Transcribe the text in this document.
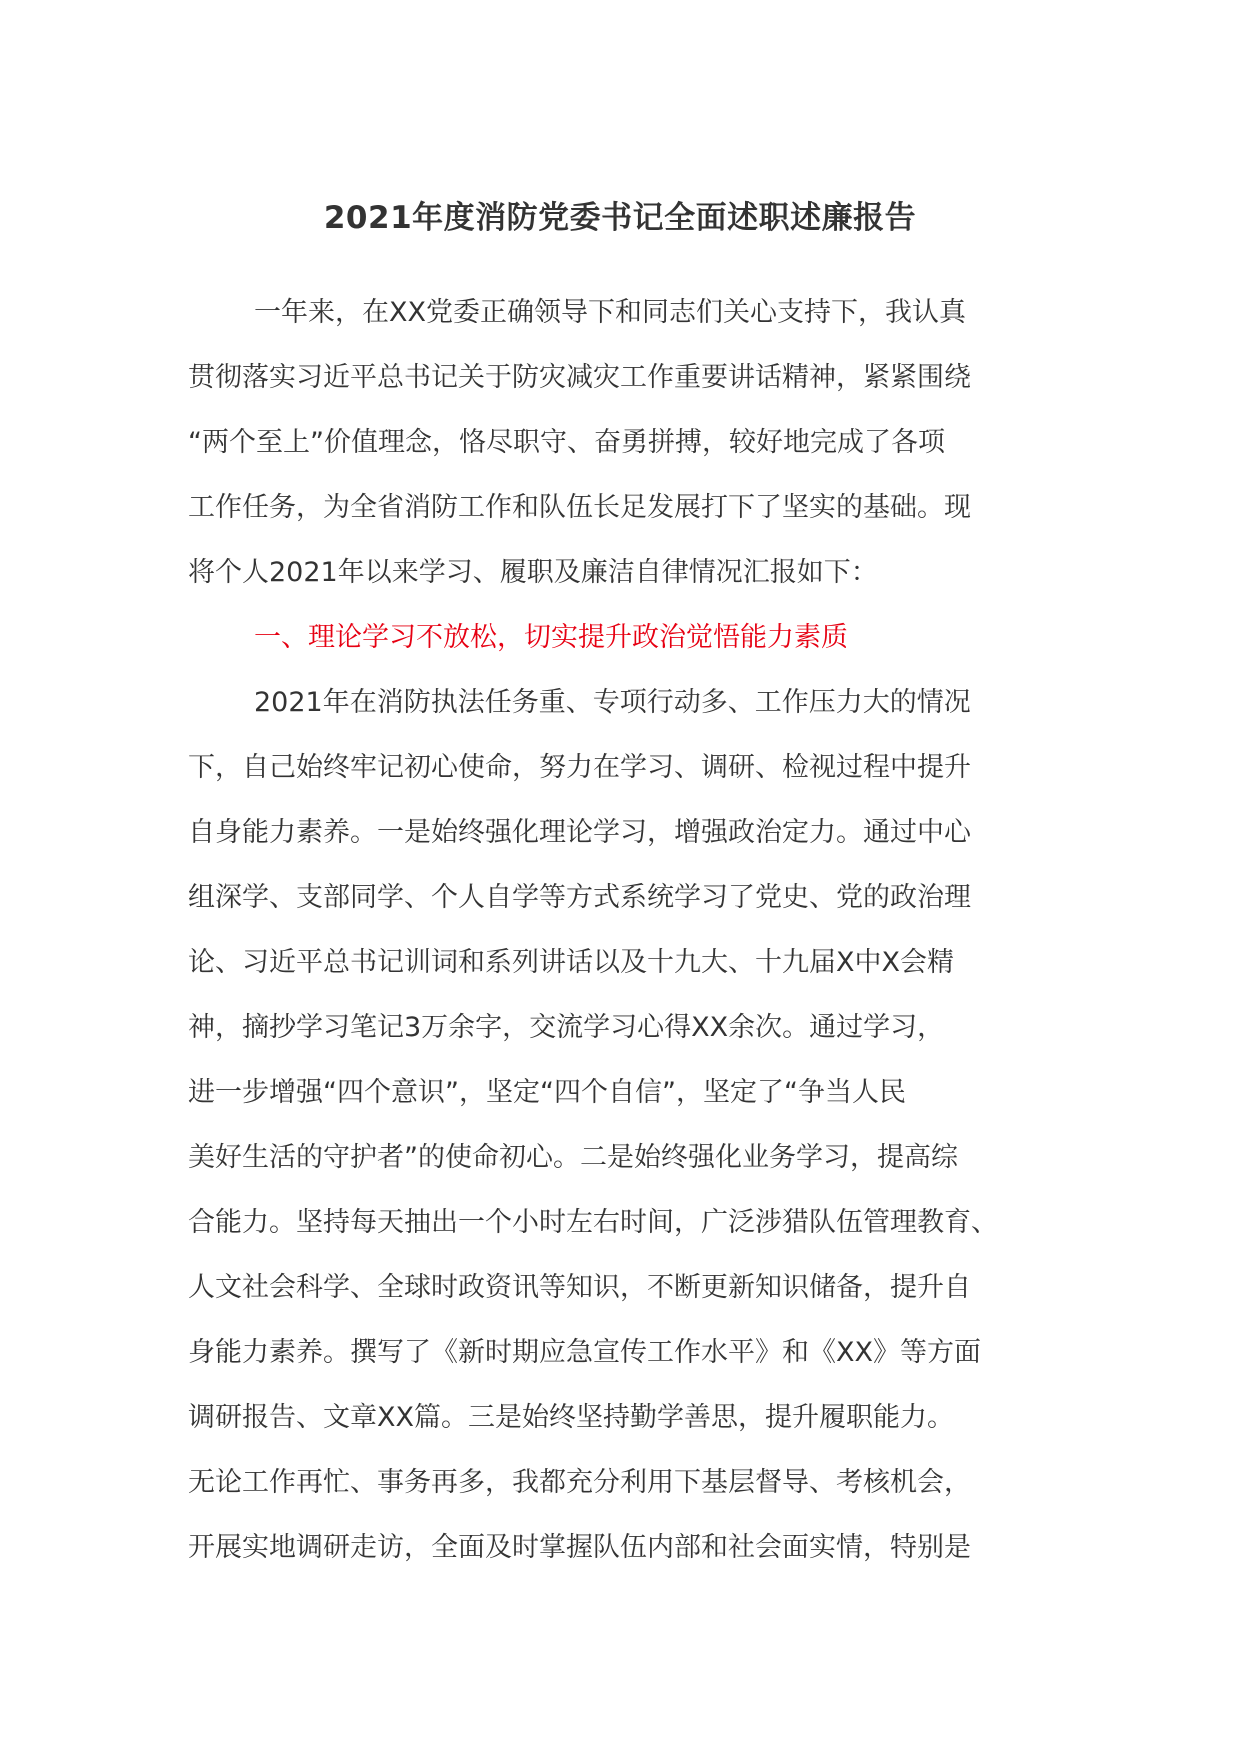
2021年度消防党委书记全面述职述廉报告
一年来，在XX党委正确领导下和同志们关心支持下，我认真
贯彻落实习近平总书记关于防灾减灾工作重要讲话精神，紧紧围绕
“两个至上”价值理念，恪尽职守、奋勇拼搏，较好地完成了各项
工作任务，为全省消防工作和队伍长足发展打下了坚实的基础。现
将个人2021年以来学习、履职及廉洁自律情况汇报如下：
一、理论学习不放松，切实提升政治觉悟能力素质
2021年在消防执法任务重、专项行动多、工作压力大的情况
下，自己始终牢记初心使命，努力在学习、调研、检视过程中提升
自身能力素养。一是始终强化理论学习，增强政治定力。通过中心
组深学、支部同学、个人自学等方式系统学习了党史、党的政治理
论、习近平总书记训词和系列讲话以及十九大、十九届X中X会精
神，摘抄学习笔记3万余字，交流学习心得XX余次。通过学习，
进一步增强“四个意识”，坚定“四个自信”，坚定了“争当人民
美好生活的守护者”的使命初心。二是始终强化业务学习，提高综
合能力。坚持每天抽出一个小时左右时间，广泛涉猎队伍管理教育、
人文社会科学、全球时政资讯等知识，不断更新知识储备，提升自
身能力素养。撰写了《新时期应急宣传工作水平》和《XX》等方面
调研报告、文章XX篇。三是始终坚持勤学善思，提升履职能力。
无论工作再忙、事务再多，我都充分利用下基层督导、考核机会，
开展实地调研走访，全面及时掌握队伍内部和社会面实情，特别是
